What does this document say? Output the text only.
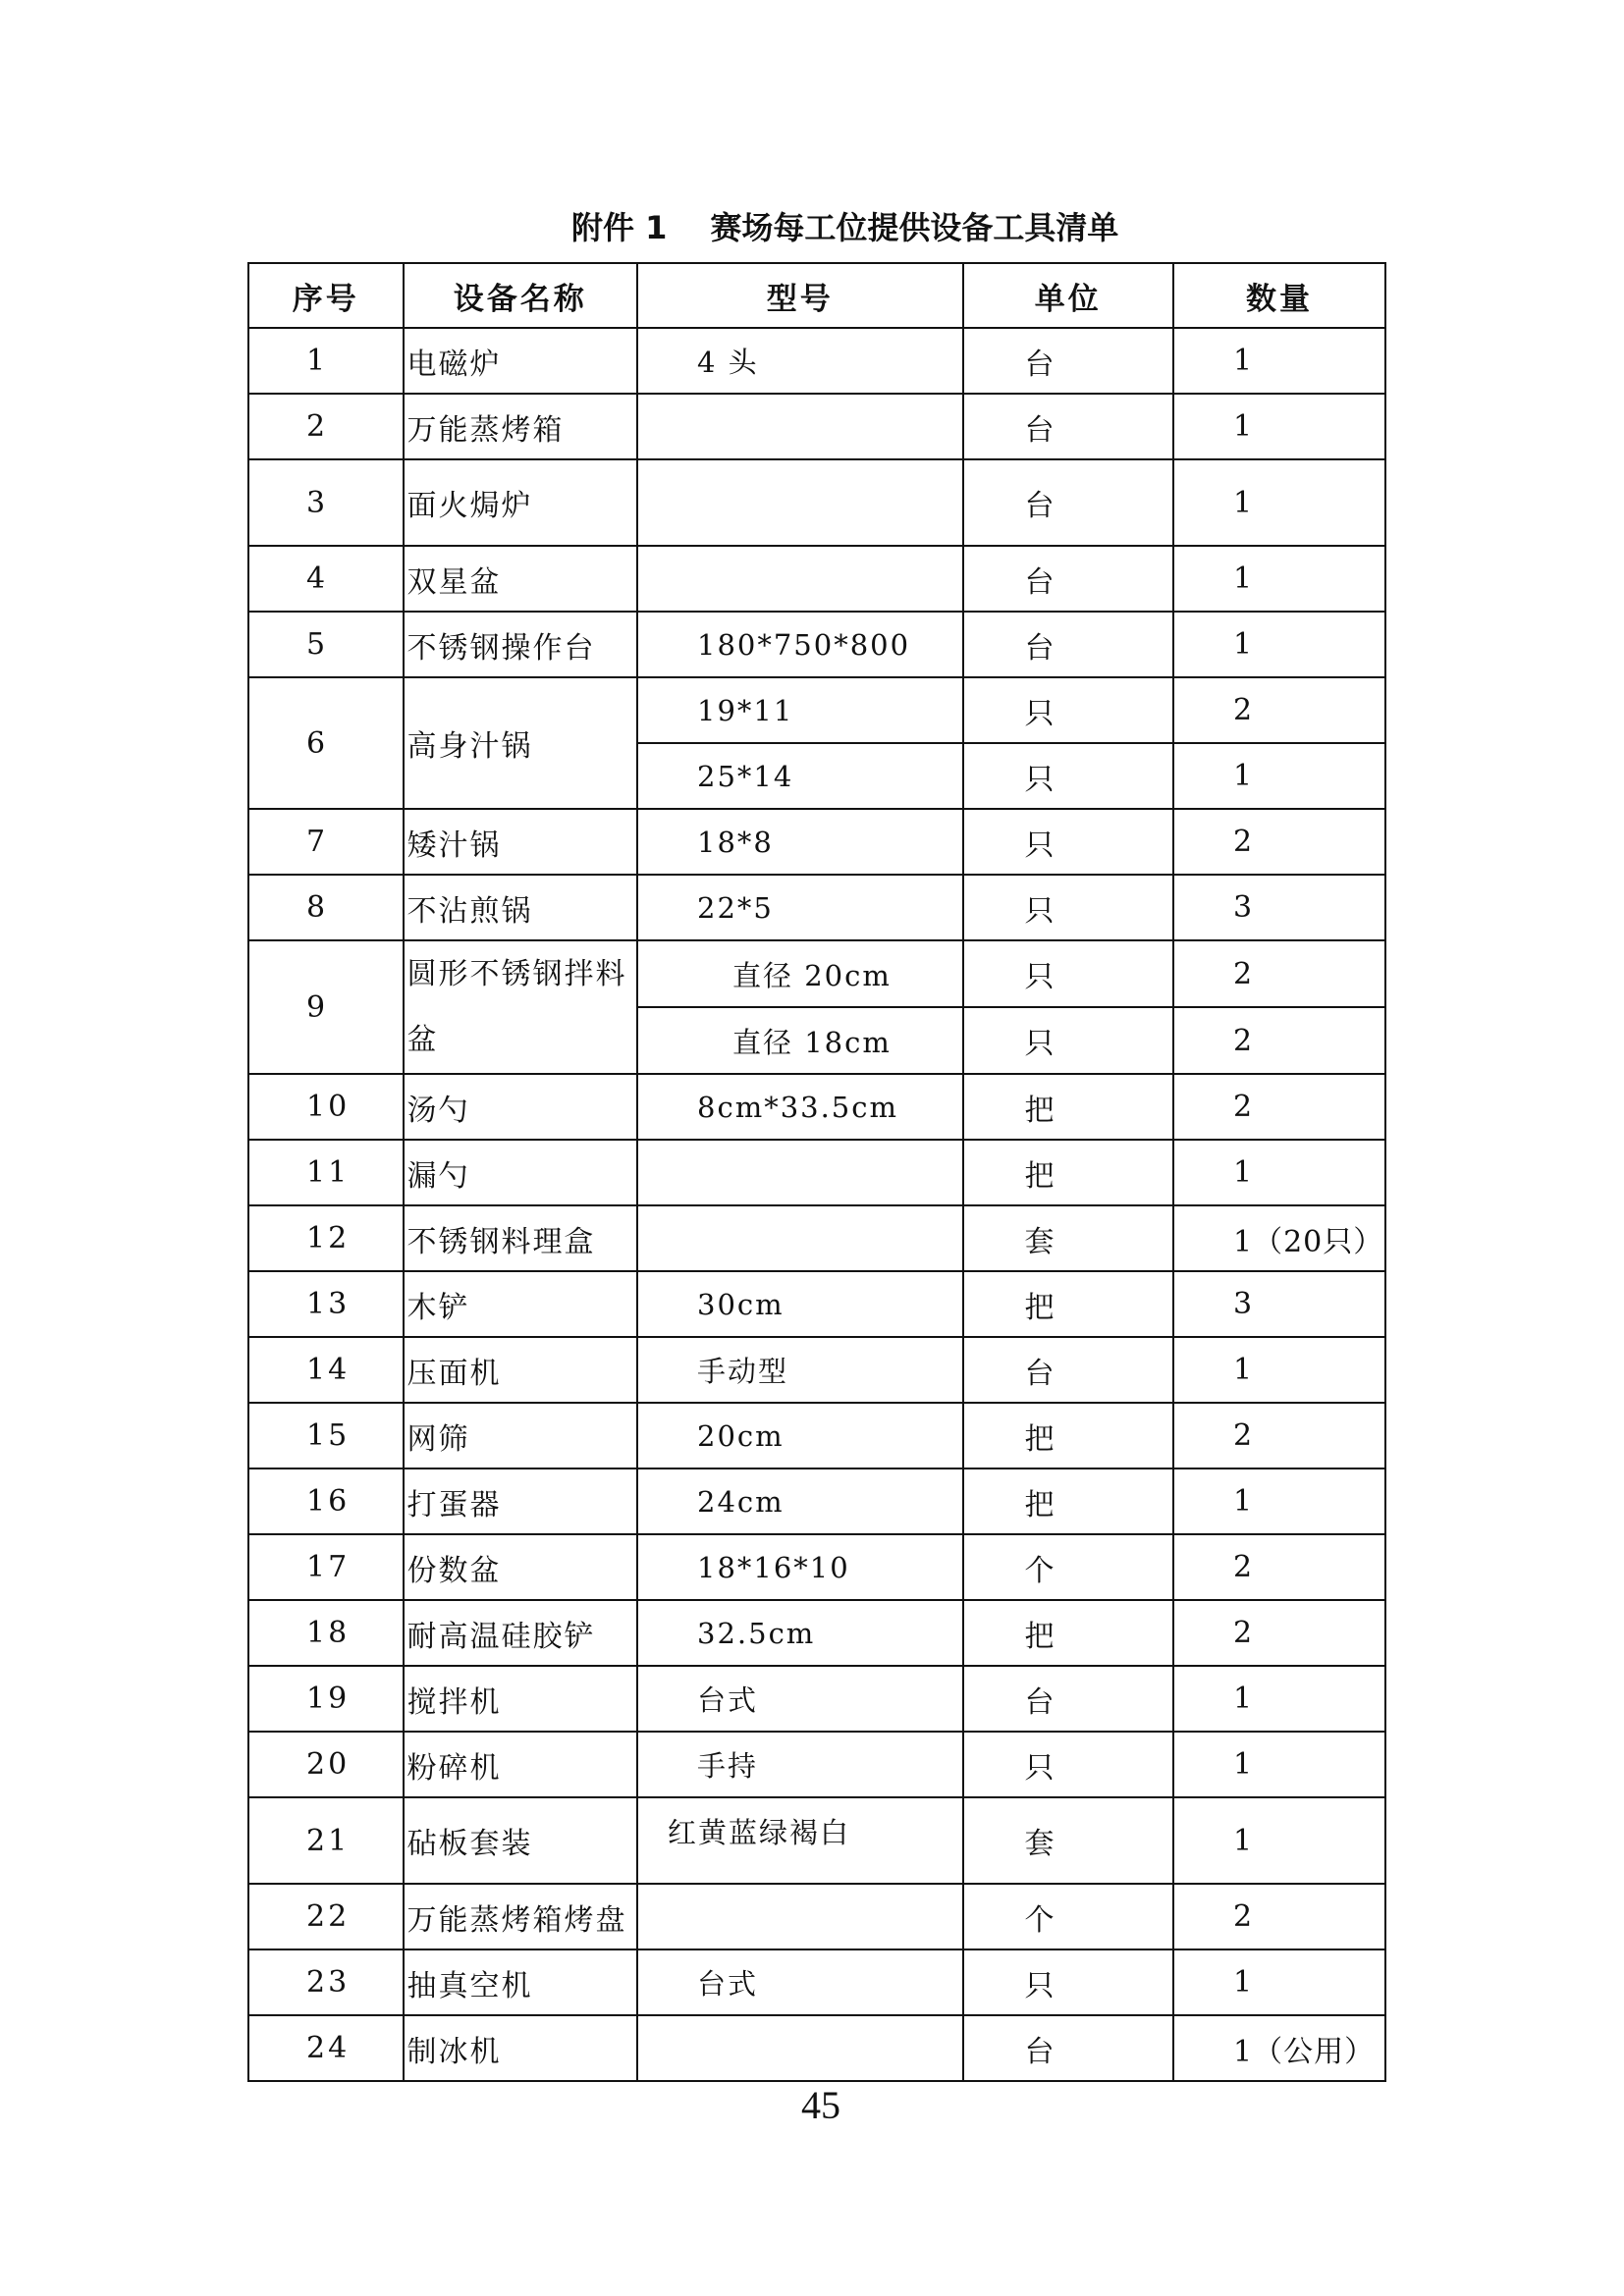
附件 1 赛场每工位提供设备工具清单
序号	设备名称	型号	单位	数量
1	电磁炉	4 头	台	1
2	万能蒸烤箱		台	1
3	面火焗炉		台	1
4	双星盆		台	1
5	不锈钢操作台	180*750*800	台	1
6	高身汁锅	19*11	只	2
		25*14	只	1
7	矮汁锅	18*8	只	2
8	不沾煎锅	22*5	只	3
9	圆形不锈钢拌料盆	直径 20cm	只	2
		直径 18cm	只	2
10	汤勺	8cm*33.5cm	把	2
11	漏勺		把	1
12	不锈钢料理盒		套	1（20只）
13	木铲	30cm	把	3
14	压面机	手动型	台	1
15	网筛	20cm	把	2
16	打蛋器	24cm	把	1
17	份数盆	18*16*10	个	2
18	耐高温硅胶铲	32.5cm	把	2
19	搅拌机	台式	台	1
20	粉碎机	手持	只	1
21	砧板套装	红黄蓝绿褐白	套	1
22	万能蒸烤箱烤盘		个	2
23	抽真空机	台式	只	1
24	制冰机		台	1（公用）
45
